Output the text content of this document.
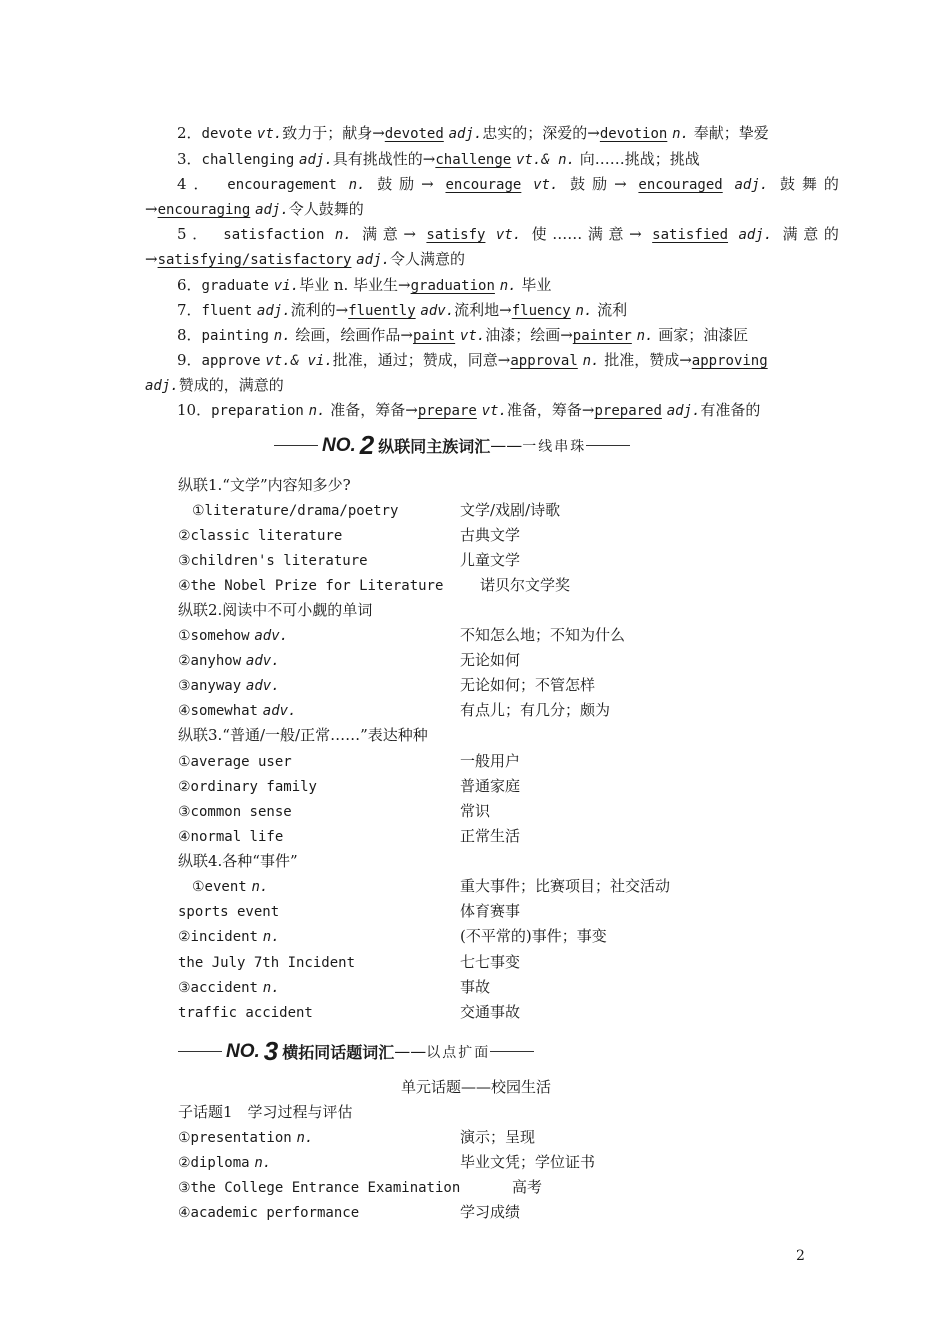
2．devote vt.致力于；献身→devoted adj.忠实的；深爱的→devotion n. 奉献；挚爱
3．challenging adj.具有挑战性的→challenge vt.& n. 向……挑战；挑战
4． encouragement n. 鼓励→ encourage vt. 鼓励→ encouraged adj. 鼓舞的
→encouraging adj.令人鼓舞的
5． satisfaction n. 满意→ satisfy vt. 使……满意→ satisfied adj. 满意的
→satisfying/satisfactory adj.令人满意的
6．graduate vi.毕业 n. 毕业生→graduation n. 毕业
7．fluent adj.流利的→fluently adv.流利地→fluency n. 流利
8．painting n. 绘画，绘画作品→paint vt.油漆；绘画→painter n. 画家；油漆匠
9．approve vt.& vi.批准，通过；赞成，同意→approval n. 批准，赞成→approving
adj.赞成的，满意的
10．preparation n. 准备，筹备→prepare vt.准备，筹备→prepared adj.有准备的
NO. 2 纵联同主族词汇 —— 一线串珠
纵联1.“文学”内容知多少?
①literature/drama/poetry	文学/戏剧/诗歌
②classic literature	古典文学
③children's literature	儿童文学
④the Nobel Prize for Literature 诺贝尔文学奖
纵联2.阅读中不可小觑的单词
①somehow adv.	不知怎么地；不知为什么
②anyhow adv.	无论如何
③anyway adv.	无论如何；不管怎样
④somewhat adv.	有点儿；有几分；颇为
纵联3.“普通/一般/正常……”表达种种
①average user	一般用户
②ordinary family	普通家庭
③common sense	常识
④normal life	正常生活
纵联4.各种“事件”
①event n.	重大事件；比赛项目；社交活动
sports event	体育赛事
②incident n.	(不平常的)事件；事变
the July 7th Incident	七七事变
③accident n.	事故
traffic accident	交通事故
NO. 3 横拓同话题词汇 —— 以点扩面
单元话题——校园生活
子话题1　学习过程与评估
①presentation n.	演示；呈现
②diploma n.	毕业文凭；学位证书
③the College Entrance Examination	高考
④academic performance	学习成绩
2
